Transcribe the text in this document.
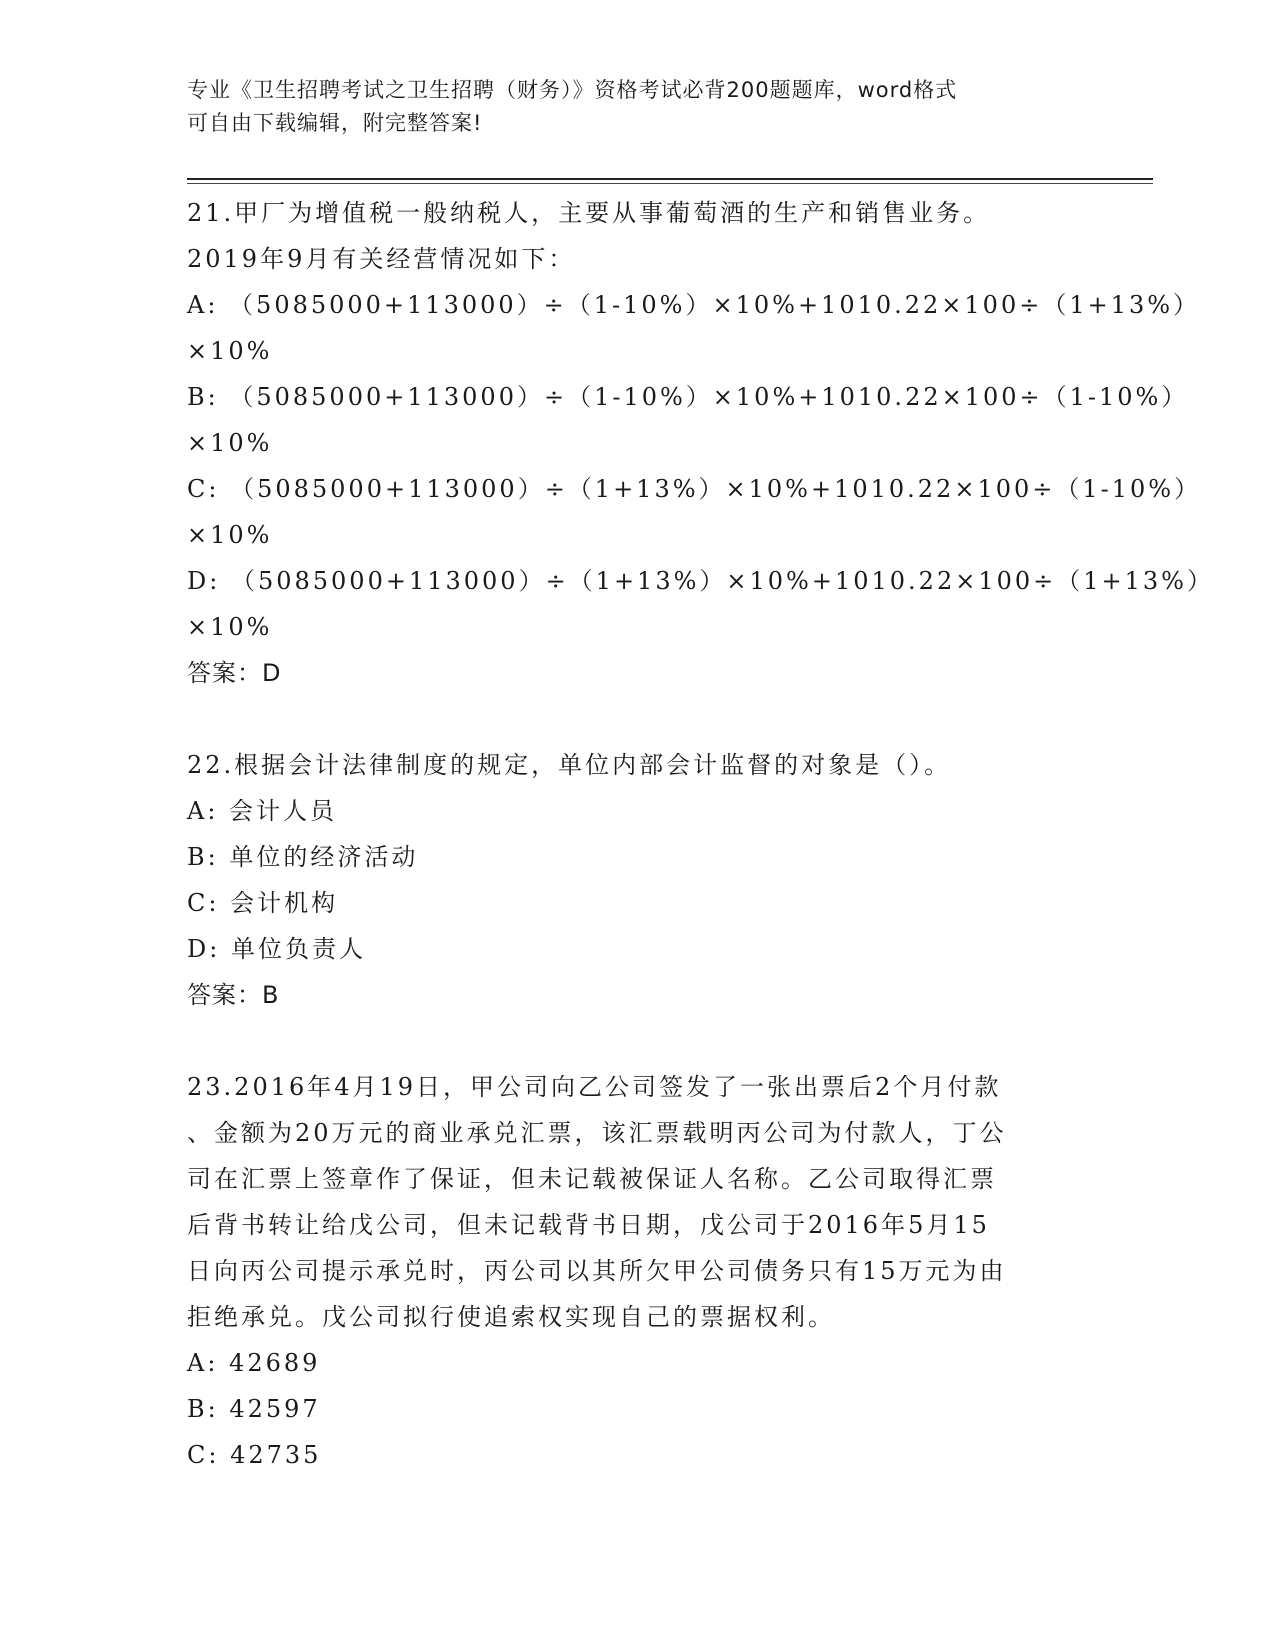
专业《卫生招聘考试之卫生招聘（财务）》资格考试必背200题题库，word格式
可自由下载编辑，附完整答案!
21.甲厂为增值税一般纳税人，主要从事葡萄酒的生产和销售业务。
2019年9月有关经营情况如下：
A: （5085000+113000）÷（1-10%）×10%+1010.22×100÷（1+13%）
×10%
B: （5085000+113000）÷（1-10%）×10%+1010.22×100÷（1-10%）
×10%
C: （5085000+113000）÷（1+13%）×10%+1010.22×100÷（1-10%）
×10%
D: （5085000+113000）÷（1+13%）×10%+1010.22×100÷（1+13%）
×10%
答案：D
22.根据会计法律制度的规定，单位内部会计监督的对象是（）。
A: 会计人员
B: 单位的经济活动
C: 会计机构
D: 单位负责人
答案：B
23.2016年4月19日，甲公司向乙公司签发了一张出票后2个月付款
、金额为20万元的商业承兑汇票，该汇票载明丙公司为付款人，丁公
司在汇票上签章作了保证，但未记载被保证人名称。乙公司取得汇票
后背书转让给戊公司，但未记载背书日期，戊公司于2016年5月15
日向丙公司提示承兑时，丙公司以其所欠甲公司债务只有15万元为由
拒绝承兑。戊公司拟行使追索权实现自己的票据权利。
A: 42689
B: 42597
C: 42735
